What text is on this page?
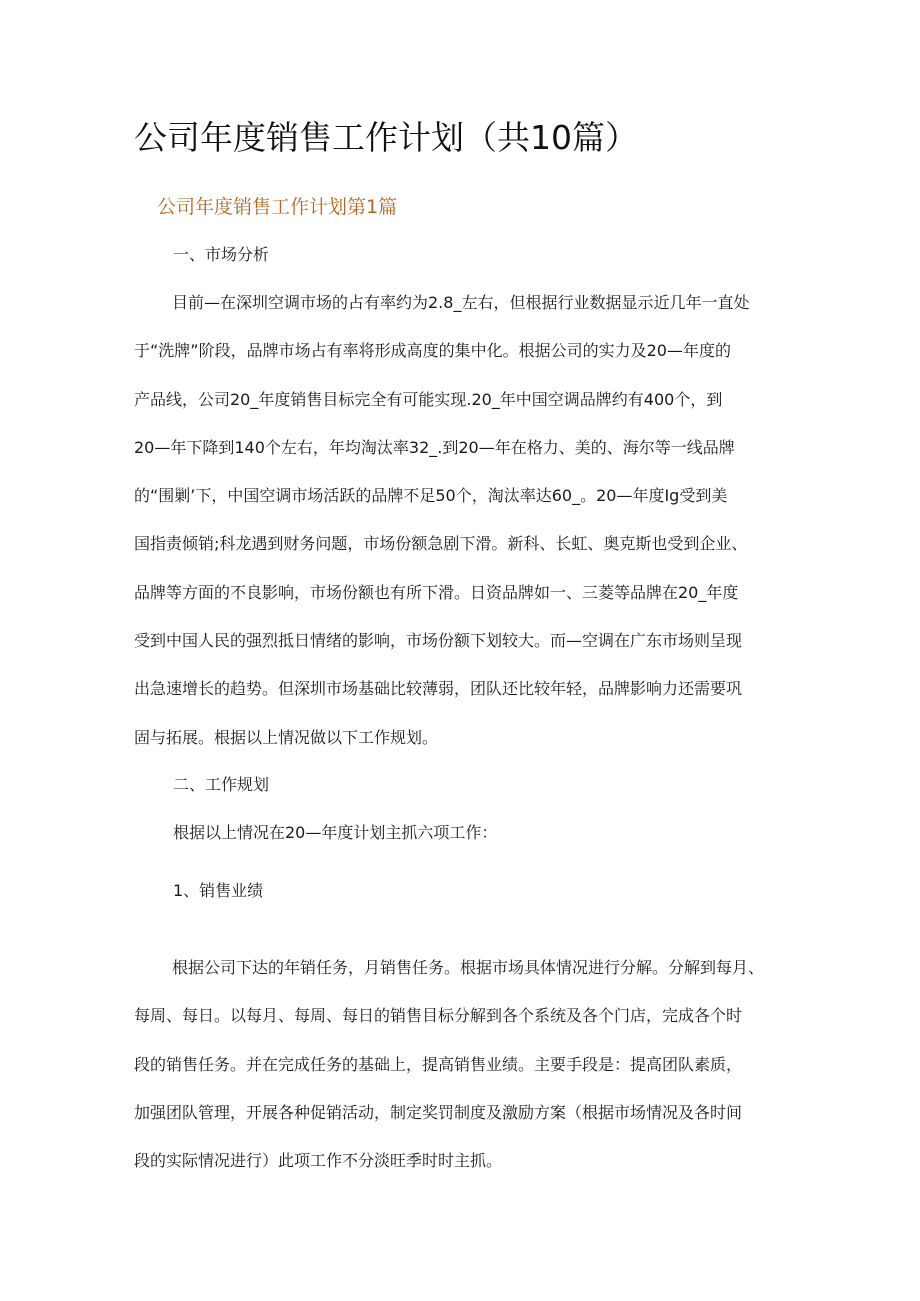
公司年度销售工作计划（共10篇）
公司年度销售工作计划第1篇
一、市场分析
目前—在深圳空调市场的占有率约为2.8_左右，但根据行业数据显示近几年一直处
于“洗牌”阶段，品牌市场占有率将形成高度的集中化。根据公司的实力及20—年度的
产品线，公司20_年度销售目标完全有可能实现.20_年中国空调品牌约有400个，到
20—年下降到140个左右，年均淘汰率32_.到20—年在格力、美的、海尔等一线品牌
的“围剿’下，中国空调市场活跃的品牌不足50个，淘汰率达60_。20—年度Ig受到美
国指责倾销;科龙遇到财务问题，市场份额急剧下滑。新科、长虹、奥克斯也受到企业、
品牌等方面的不良影响，市场份额也有所下滑。日资品牌如一、三菱等品牌在20_年度
受到中国人民的强烈抵日情绪的影响，市场份额下划较大。而—空调在广东市场则呈现
出急速增长的趋势。但深圳市场基础比较薄弱，团队还比较年轻，品牌影响力还需要巩
固与拓展。根据以上情况做以下工作规划。
二、工作规划
根据以上情况在20—年度计划主抓六项工作：
1、销售业绩
根据公司下达的年销任务，月销售任务。根据市场具体情况进行分解。分解到每月、
每周、每日。以每月、每周、每日的销售目标分解到各个系统及各个门店，完成各个时
段的销售任务。并在完成任务的基础上，提高销售业绩。主要手段是：提高团队素质，
加强团队管理，开展各种促销活动，制定奖罚制度及激励方案（根据市场情况及各时间
段的实际情况进行）此项工作不分淡旺季时时主抓。
